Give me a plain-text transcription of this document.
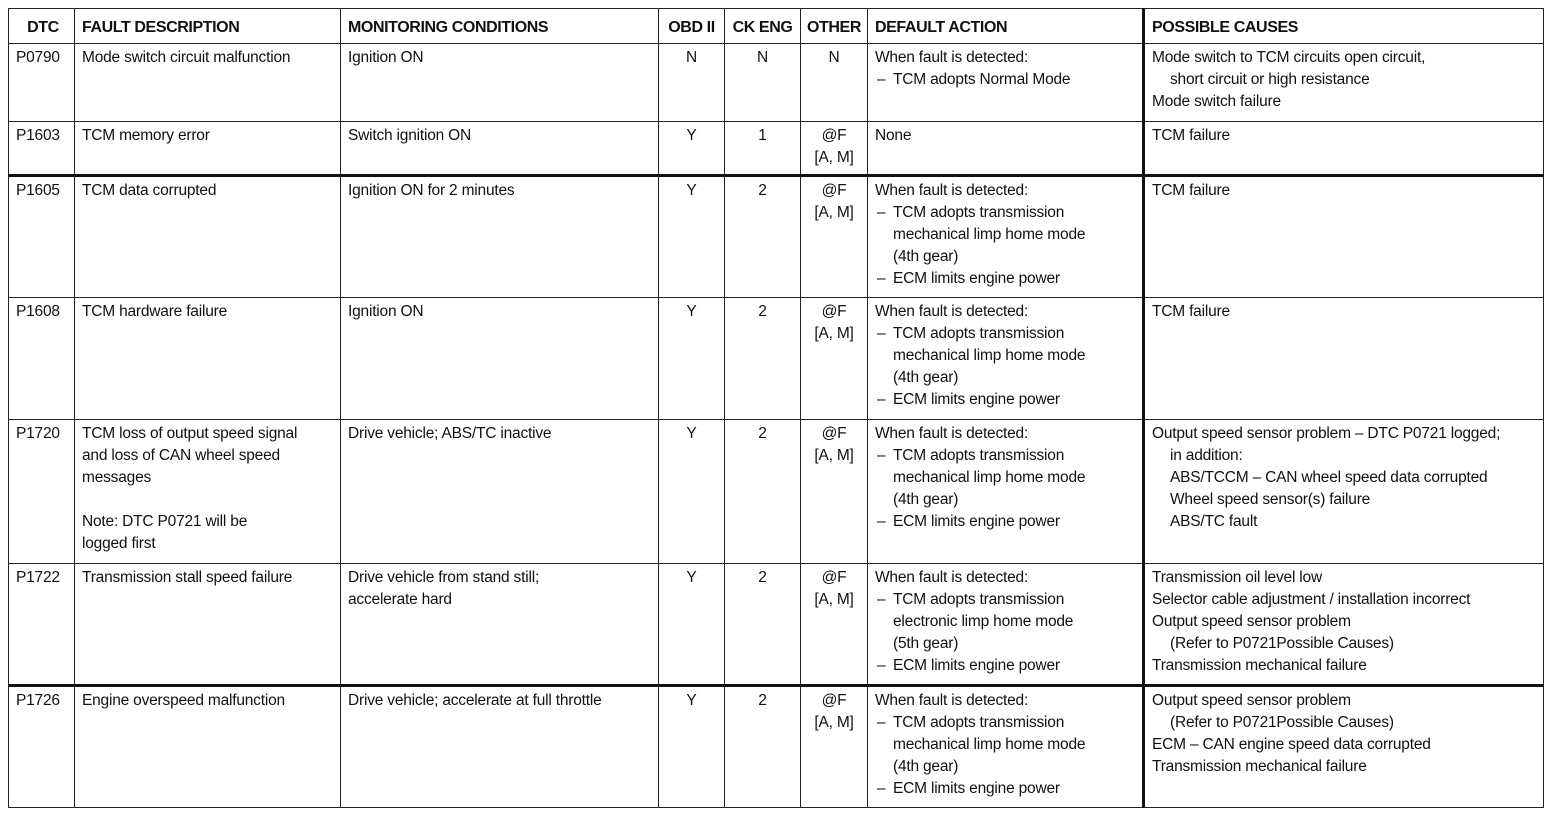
DTC	FAULT DESCRIPTION	MONITORING CONDITIONS	OBD II	CK ENG	OTHER	DEFAULT ACTION	POSSIBLE CAUSES

P0790	Mode switch circuit malfunction	Ignition ON	N	N	N	When fault is detected:
– TCM adopts Normal Mode	Mode switch to TCM circuits open circuit,
short circuit or high resistance
Mode switch failure

P1603	TCM memory error	Switch ignition ON	Y	1	@F
[A, M]	None	TCM failure

P1605	TCM data corrupted	Ignition ON for 2 minutes	Y	2	@F
[A, M]	When fault is detected:
– TCM adopts transmission
mechanical limp home mode
(4th gear)
– ECM limits engine power	TCM failure

P1608	TCM hardware failure	Ignition ON	Y	2	@F
[A, M]	When fault is detected:
– TCM adopts transmission
mechanical limp home mode
(4th gear)
– ECM limits engine power	TCM failure

P1720	TCM loss of output speed signal
and loss of CAN wheel speed
messages
Note: DTC P0721 will be
logged first	Drive vehicle; ABS/TC inactive	Y	2	@F
[A, M]	When fault is detected:
– TCM adopts transmission
mechanical limp home mode
(4th gear)
– ECM limits engine power	Output speed sensor problem – DTC P0721 logged;
in addition:
ABS/TCCM – CAN wheel speed data corrupted
Wheel speed sensor(s) failure
ABS/TC fault

P1722	Transmission stall speed failure	Drive vehicle from stand still;
accelerate hard	Y	2	@F
[A, M]	When fault is detected:
– TCM adopts transmission
electronic limp home mode
(5th gear)
– ECM limits engine power	Transmission oil level low
Selector cable adjustment / installation incorrect
Output speed sensor problem
(Refer to P0721Possible Causes)
Transmission mechanical failure

P1726	Engine overspeed malfunction	Drive vehicle; accelerate at full throttle	Y	2	@F
[A, M]	When fault is detected:
– TCM adopts transmission
mechanical limp home mode
(4th gear)
– ECM limits engine power	Output speed sensor problem
(Refer to P0721Possible Causes)
ECM – CAN engine speed data corrupted
Transmission mechanical failure
